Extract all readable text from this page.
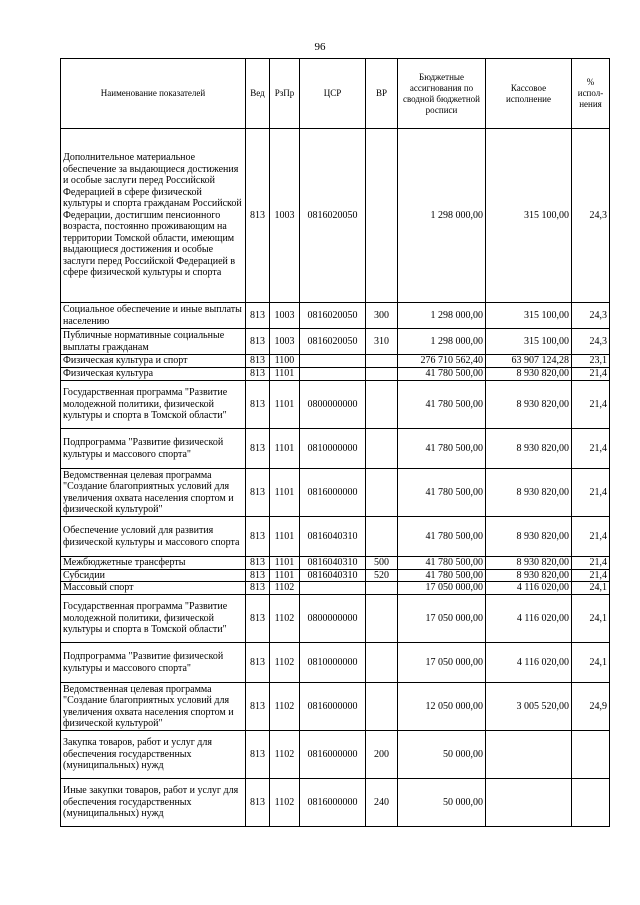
96
Наименование показателей	Вед	РзПр	ЦСР	ВР	Бюджетные ассигнования по сводной бюджетной росписи	Кассовое исполнение	% испол-нения
Дополнительное материальное обеспечение за выдающиеся достижения и особые заслуги перед Российской Федерацией в сфере физической культуры и спорта гражданам Российской Федерации, достигшим пенсионного возраста, постоянно проживающим на территории Томской области, имеющим выдающиеся достижения и особые заслуги перед Российской Федерацией в сфере физической культуры и спорта	813	1003	0816020050		1 298 000,00	315 100,00	24,3
Социальное обеспечение и иные выплаты населению	813	1003	0816020050	300	1 298 000,00	315 100,00	24,3
Публичные нормативные социальные выплаты гражданам	813	1003	0816020050	310	1 298 000,00	315 100,00	24,3
Физическая культура и спорт	813	1100			276 710 562,40	63 907 124,28	23,1
Физическая культура	813	1101			41 780 500,00	8 930 820,00	21,4
Государственная программа "Развитие молодежной политики, физической культуры и спорта в Томской области"	813	1101	0800000000		41 780 500,00	8 930 820,00	21,4
Подпрограмма "Развитие физической культуры и массового спорта"	813	1101	0810000000		41 780 500,00	8 930 820,00	21,4
Ведомственная целевая программа "Создание благоприятных условий для увеличения охвата населения спортом и физической культурой"	813	1101	0816000000		41 780 500,00	8 930 820,00	21,4
Обеспечение условий для развития физической культуры и массового спорта	813	1101	0816040310		41 780 500,00	8 930 820,00	21,4
Межбюджетные трансферты	813	1101	0816040310	500	41 780 500,00	8 930 820,00	21,4
Субсидии	813	1101	0816040310	520	41 780 500,00	8 930 820,00	21,4
Массовый спорт	813	1102			17 050 000,00	4 116 020,00	24,1
Государственная программа "Развитие молодежной политики, физической культуры и спорта в Томской области"	813	1102	0800000000		17 050 000,00	4 116 020,00	24,1
Подпрограмма "Развитие физической культуры и массового спорта"	813	1102	0810000000		17 050 000,00	4 116 020,00	24,1
Ведомственная целевая программа "Создание благоприятных условий для увеличения охвата населения спортом и физической культурой"	813	1102	0816000000		12 050 000,00	3 005 520,00	24,9
Закупка товаров, работ и услуг для обеспечения государственных (муниципальных) нужд	813	1102	0816000000	200	50 000,00		
Иные закупки товаров, работ и услуг для обеспечения государственных (муниципальных) нужд	813	1102	0816000000	240	50 000,00		
